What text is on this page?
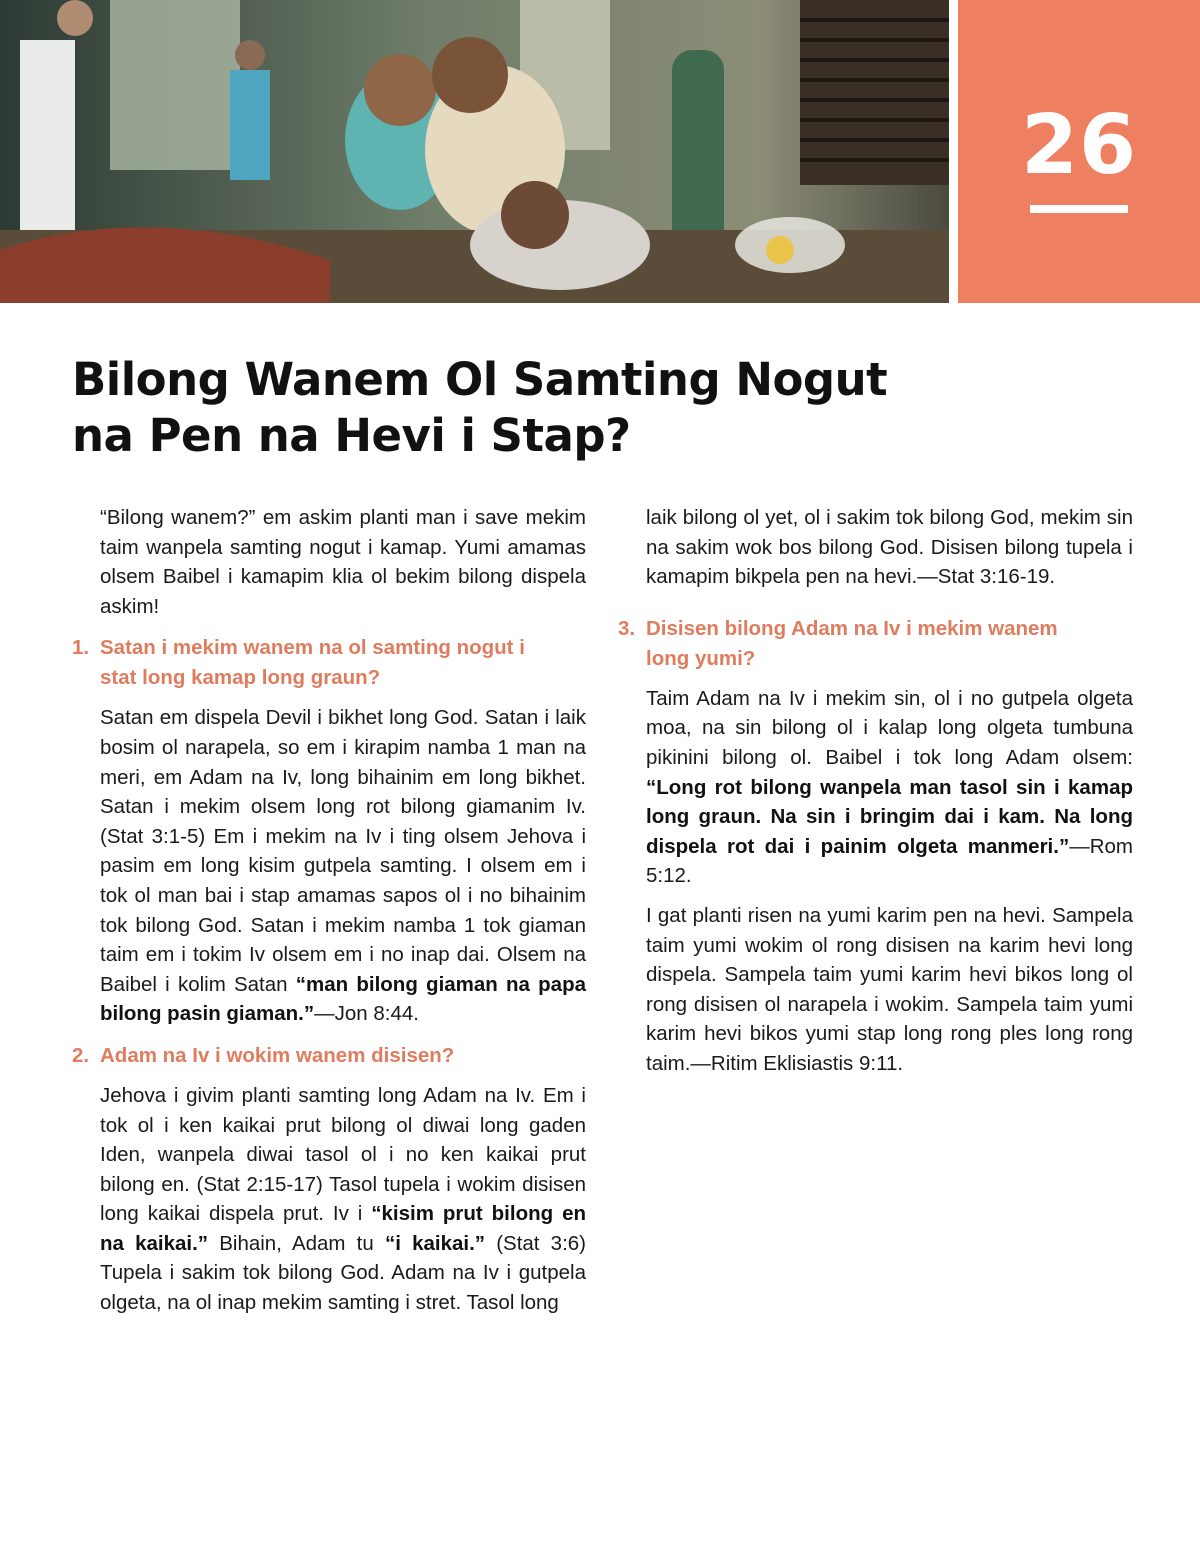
26
Bilong Wanem Ol Samting Nogut
na Pen na Hevi i Stap?

“Bilong wanem?” em askim planti man i save mekim taim wanpela samting nogut i kamap. Yumi amamas olsem Baibel i kamapim klia ol bekim bilong dispela askim!

1. Satan i mekim wanem na ol samting nogut i
stat long kamap long graun?

Satan em dispela Devil i bikhet long God. Satan i laik bosim ol narapela, so em i kirapim namba 1 man na meri, em Adam na Iv, long bihainim em long bikhet. Satan i mekim olsem long rot bilong giamanim Iv. (Stat 3:1-5) Em i mekim na Iv i ting olsem Jehova i pasim em long kisim gutpela samting. I olsem em i tok ol man bai i stap amamas sapos ol i no bihainim tok bilong God. Satan i mekim namba 1 tok giaman taim em i tokim Iv olsem em i no inap dai. Olsem na Baibel i kolim Satan “man bilong giaman na papa bilong pasin giaman.”—Jon 8:44.

2. Adam na Iv i wokim wanem disisen?

Jehova i givim planti samting long Adam na Iv. Em i tok ol i ken kaikai prut bilong ol diwai long gaden Iden, wanpela diwai tasol ol i no ken kaikai prut bilong en. (Stat 2:15-17) Tasol tupela i wokim disisen long kaikai dispela prut. Iv i “kisim prut bilong en na kaikai.” Bihain, Adam tu “i kaikai.” (Stat 3:6) Tupela i sakim tok bilong God. Adam na Iv i gutpela olgeta, na ol inap mekim samting i stret. Tasol long

laik bilong ol yet, ol i sakim tok bilong God, mekim sin na sakim wok bos bilong God. Disisen bilong tupela i kamapim bikpela pen na hevi.—Stat 3:16-19.

3. Disisen bilong Adam na Iv i mekim wanem
long yumi?

Taim Adam na Iv i mekim sin, ol i no gutpela olgeta moa, na sin bilong ol i kalap long olgeta tumbuna pikinini bilong ol. Baibel i tok long Adam olsem: “Long rot bilong wanpela man tasol sin i kamap long graun. Na sin i bringim dai i kam. Na long dispela rot dai i painim olgeta manmeri.”—Rom 5:12.

I gat planti risen na yumi karim pen na hevi. Sampela taim yumi wokim ol rong disisen na karim hevi long dispela. Sampela taim yumi karim hevi bikos long ol rong disisen ol narapela i wokim. Sampela taim yumi karim hevi bikos yumi stap long rong ples long rong taim.—Ritim Eklisiastis 9:11.
